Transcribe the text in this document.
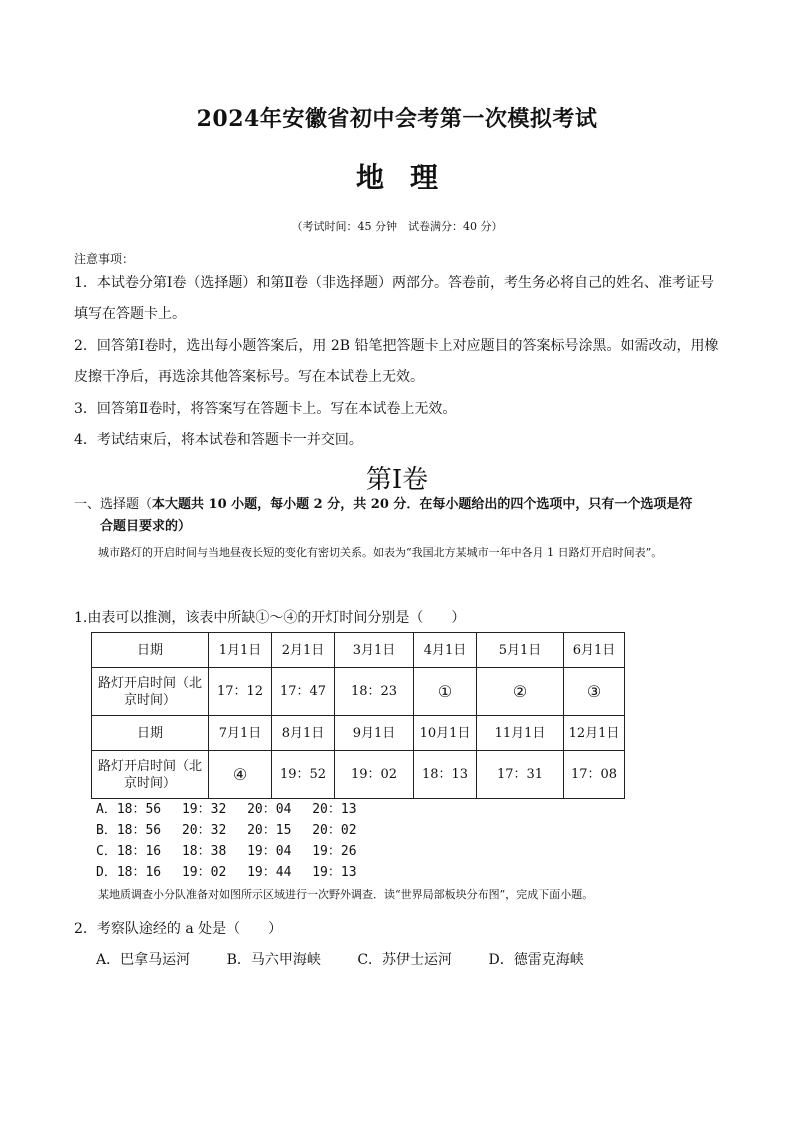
2024年安徽省初中会考第一次模拟考试
地理
（考试时间：45 分钟　试卷满分：40 分）
注意事项：
1．本试卷分第Ⅰ卷（选择题）和第Ⅱ卷（非选择题）两部分。答卷前，考生务必将自己的姓名、准考证号填写在答题卡上。
2．回答第Ⅰ卷时，选出每小题答案后，用 2B 铅笔把答题卡上对应题目的答案标号涂黑。如需改动，用橡皮擦干净后，再选涂其他答案标号。写在本试卷上无效。
3．回答第Ⅱ卷时，将答案写在答题卡上。写在本试卷上无效。
4．考试结束后，将本试卷和答题卡一并交回。
第Ⅰ卷
一、选择题（本大题共 10 小题，每小题 2 分，共 20 分．在每小题给出的四个选项中，只有一个选项是符
合题目要求的）
城市路灯的开启时间与当地昼夜长短的变化有密切关系。如表为“我国北方某城市一年中各月 1 日路灯开启时间表”。
1.由表可以推测，该表中所缺①～④的开灯时间分别是（　　）
日期	1月1日	2月1日	3月1日	4月1日	5月1日	6月1日
路灯开启时间（北京时间）	17：12	17：47	18：23	①	②	③
日期	7月1日	8月1日	9月1日	10月1日	11月1日	12月1日
路灯开启时间（北京时间）	④	19：52	19：02	18：13	17：31	17：08
A．18：56　 19：32　 20：04　 20：13
B．18：56　 20：32　 20：15　 20：02
C．18：16　 18：38　 19：04　 19：26
D．18：16　 19：02　 19：44　 19：13
某地质调查小分队准备对如图所示区域进行一次野外调查．读“世界局部板块分布图”，完成下面小题。
2．考察队途经的 a 处是（　　）
A．巴拿马运河	B．马六甲海峡	C．苏伊士运河	D．德雷克海峡
